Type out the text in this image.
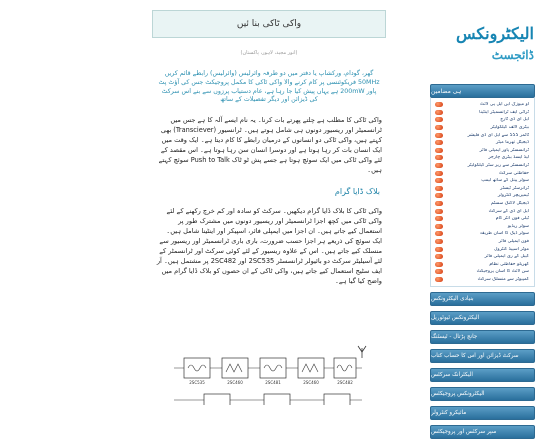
واکی ٹاکی بنا ئیں
(انور مجید، لاہور، پاکستان)
گھر، گودام، ورکشاپ یا دفتر میں دو طرفہ وائرلیس (وائرلیس) رابطے قائم کریں 50MHz فریکوئنسی پر کام کرنے والا واکی ٹاکی کا مکمل پروجیکٹ جس کی آؤٹ پٹ پاور 200mW ہے یہاں پیش کیا جا رہا ہے، عام دستیاب پرزوں سے بنے اس سرکٹ کی ڈیزائن اور دیگر تفصیلات کے ساتھ
واکی ٹاکی کا مطلب ہے چلتے پھرتے بات کرنا۔ یہ نام ایسے آلہ کا ہے جس میں ٹرانسمیٹر اور ریسیور دونوں ہی شامل ہوتے ہیں۔ ٹرانسیور (Transciever) بھی کہتے ہیں، واکی ٹاکی دو انسانوں کے درمیان رابطے کا کام دیتا ہے۔ ایک وقت میں ایک انسان بات کر رہا ہوتا ہے اور دوسرا انسان سن رہا ہوتا ہے۔ اس مقصد کے لئے واکی ٹاکی میں ایک سوئچ ہوتا ہے جسے پش ٹو ٹاک Push to Talk سوئچ کہتے ہیں۔
بلاک ڈایا گرام
واکی ٹاکی کا بلاک ڈایا گرام دیکھیں۔ سرکٹ کو سادہ اور کم خرچ رکھنے کے لئے واکی ٹاکی میں کچھ اجزا ٹرانسمیٹر اور ریسیور دونوں میں مشترک طور پر استعمال کیے جاتے ہیں۔ ان اجزا میں ایمپلی فائر، اسپیکر اور اینٹینا شامل ہیں۔ ایک سوئچ کی ذریعے ہر اجزا حسب ضرورت، باری باری ٹرانسمیٹر اور ریسیور سے منسلک کیے جاتے ہیں۔ اس کے علاوہ ریسیور کے لئے کوئی سرکٹ اور ٹرانسمٹر کے لئے آسیلیٹر سرکٹ دو بائیولر ٹرانسسٹر 2SC535 اور 2SC482 پر مشتمل ہیں۔ آر ایف سٹیج استعمال کیے جاتے ہیں، واکی ٹاکی کے ان حصوں کو بلاک ڈایا گرام میں واضح کیا گیا ہے۔
2SC535	2SC460	2SC481	2SC460	2SC482
الیکٹرونکس
ڈائجسٹ
ہی مضامین
آو میوزک ایں ایل پی لائٹ
ٹرائی ایف ٹرانسمیٹر اینٹینا
ایل ای ڈی ٹارچ
بیٹری لائف کیلکولیٹر
ٹائمر 555 سے ایل ای ڈی فلیشر
ڈیجیٹل تھرما میٹر
ٹرانسسٹر پاور ایمپلی فائر
لیڈ ایسڈ بیٹری چارجر
ٹرانسسٹر سے ریز سٹر کیلکولیٹر
حفاظتی سرکٹ
سولر پینل کے ساتھ لیمپ
ٹرانزسٹر ٹیسٹر
ٹیمپریچر کنٹرولر
ڈیجیٹل لاکنگ سسٹم
ایل ای ڈی کے سرکٹ
ٹیلی فون انٹر کام
سولر ریڈیو
سولر ڈیک کا آسان طریقہ
فون ایمپلی فائر
موٹر اسپیڈ کنٹرول
کیبل کے ری ایمپلی فائر
گھریلو حفاظتی نظام
سن لائٹ کا آسان پروجیکٹ
کمپیوٹر سے منسلک سرکٹ
بنیادی الیکٹرونکس
الیکٹرونکس ٹیوٹوریل
جانچ پڑتال - ٹیسٹنگ
سرکٹ ڈیزائن اور اس کا حساب کتاب
الیکٹرانک سرکٹس
الیکٹرونکس پروجیکٹس
مائیکرو کنٹرولر
سپر سرکٹس اور پروجیکٹس
